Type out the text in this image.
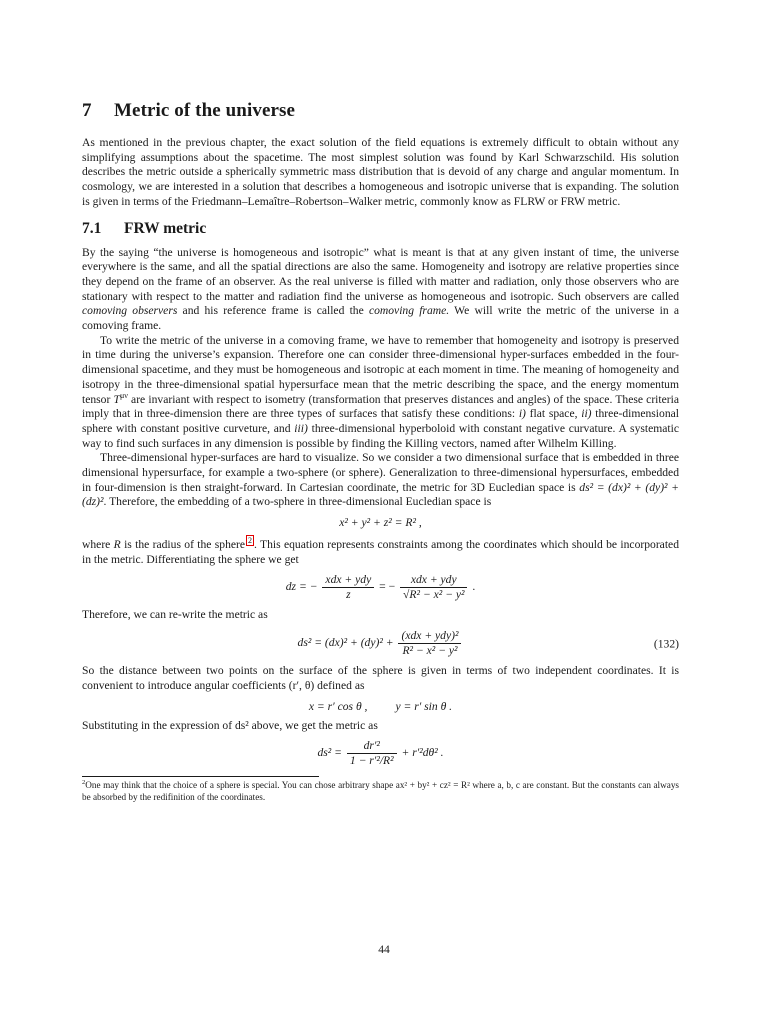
7 Metric of the universe

As mentioned in the previous chapter, the exact solution of the field equations is extremely difficult to obtain without any simplifying assumptions about the spacetime. The most simplest solution was found by Karl Schwarzschild. His solution describes the metric outside a spherically symmetric mass distribution that is devoid of any charge and angular momentum. In cosmology, we are interested in a solution that describes a homogeneous and isotropic universe that is expanding. The solution is given in terms of the Friedmann–Lemaître–Robertson–Walker metric, commonly know as FLRW or FRW metric.

7.1 FRW metric

By the saying “the universe is homogeneous and isotropic” what is meant is that at any given instant of time, the universe everywhere is the same, and all the spatial directions are also the same. Homogeneity and isotropy are relative properties since they depend on the frame of an observer. As the real universe is filled with matter and radiation, only those observers who are stationary with respect to the matter and radiation find the universe as homogeneous and isotropic. Such observers are called comoving observers and his reference frame is called the comoving frame. We will write the metric of the universe in a comoving frame.

To write the metric of the universe in a comoving frame, we have to remember that homogeneity and isotropy is preserved in time during the universe’s expansion. Therefore one can consider three-dimensional hyper-surfaces embedded in the four-dimensional spacetime, and they must be homogeneous and isotropic at each moment in time. The meaning of homogeneity and isotropy in the three-dimensional spatial hypersurface mean that the metric describing the space, and the energy momentum tensor $T^{\mu\nu}$ are invariant with respect to isometry (transformation that preserves distances and angles) of the space. These criteria imply that in three-dimension there are three types of surfaces that satisfy these conditions: i) flat space, ii) three-dimensional sphere with constant positive curveture, and iii) three-dimensional hyperboloid with constant negative curvature. A systematic way to find such surfaces in any dimension is possible by finding the Killing vectors, named after Wilhelm Killing.

Three-dimensional hyper-surfaces are hard to visualize. So we consider a two dimensional surface that is embedded in three dimensional hypersurface, for example a two-sphere (or sphere). Generalization to three-dimensional hypersurfaces, embedded in four-dimension is then straight-forward. In Cartesian coordinate, the metric for 3D Eucledian space is ds² = (dx)² + (dy)² + (dz)². Therefore, the embedding of a two-sphere in three-dimensional Eucledian space is

x² + y² + z² = R² ,

where R is the radius of the sphere 2 . This equation represents constraints among the coordinates which should be incorporated in the metric. Differentiating the sphere we get

dz = − $\frac{\text{xdx + ydy}}{z}$ = − $\frac{\text{xdx + ydy}}{\text{√R² − x² − y²}}$ .

Therefore, we can re-write the metric as

$ds^2 = (dx)^2 + (dy)^2 + \frac{\text{(xdx + ydy)²}}{\text{R² − x² − y²}}$	(132)

So the distance between two points on the surface of the sphere is given in terms of two independent coordinates. It is convenient to introduce angular coefficients (r′, θ) defined as

x = r′ cos θ , y = r′ sin θ .

Substituting in the expression of ds² above, we get the metric as

$ds^2 = \frac{\text{dr′²}}{\text{1 − r′²/R²}} + r'^2d\theta^2$ .
$^2$One may think that the choice of a sphere is special. You can chose arbitrary shape ax² + by² + cz² = R² where a, b, c are constant. But the constants can always be absorbed by the redifinition of the coordinates.
44
